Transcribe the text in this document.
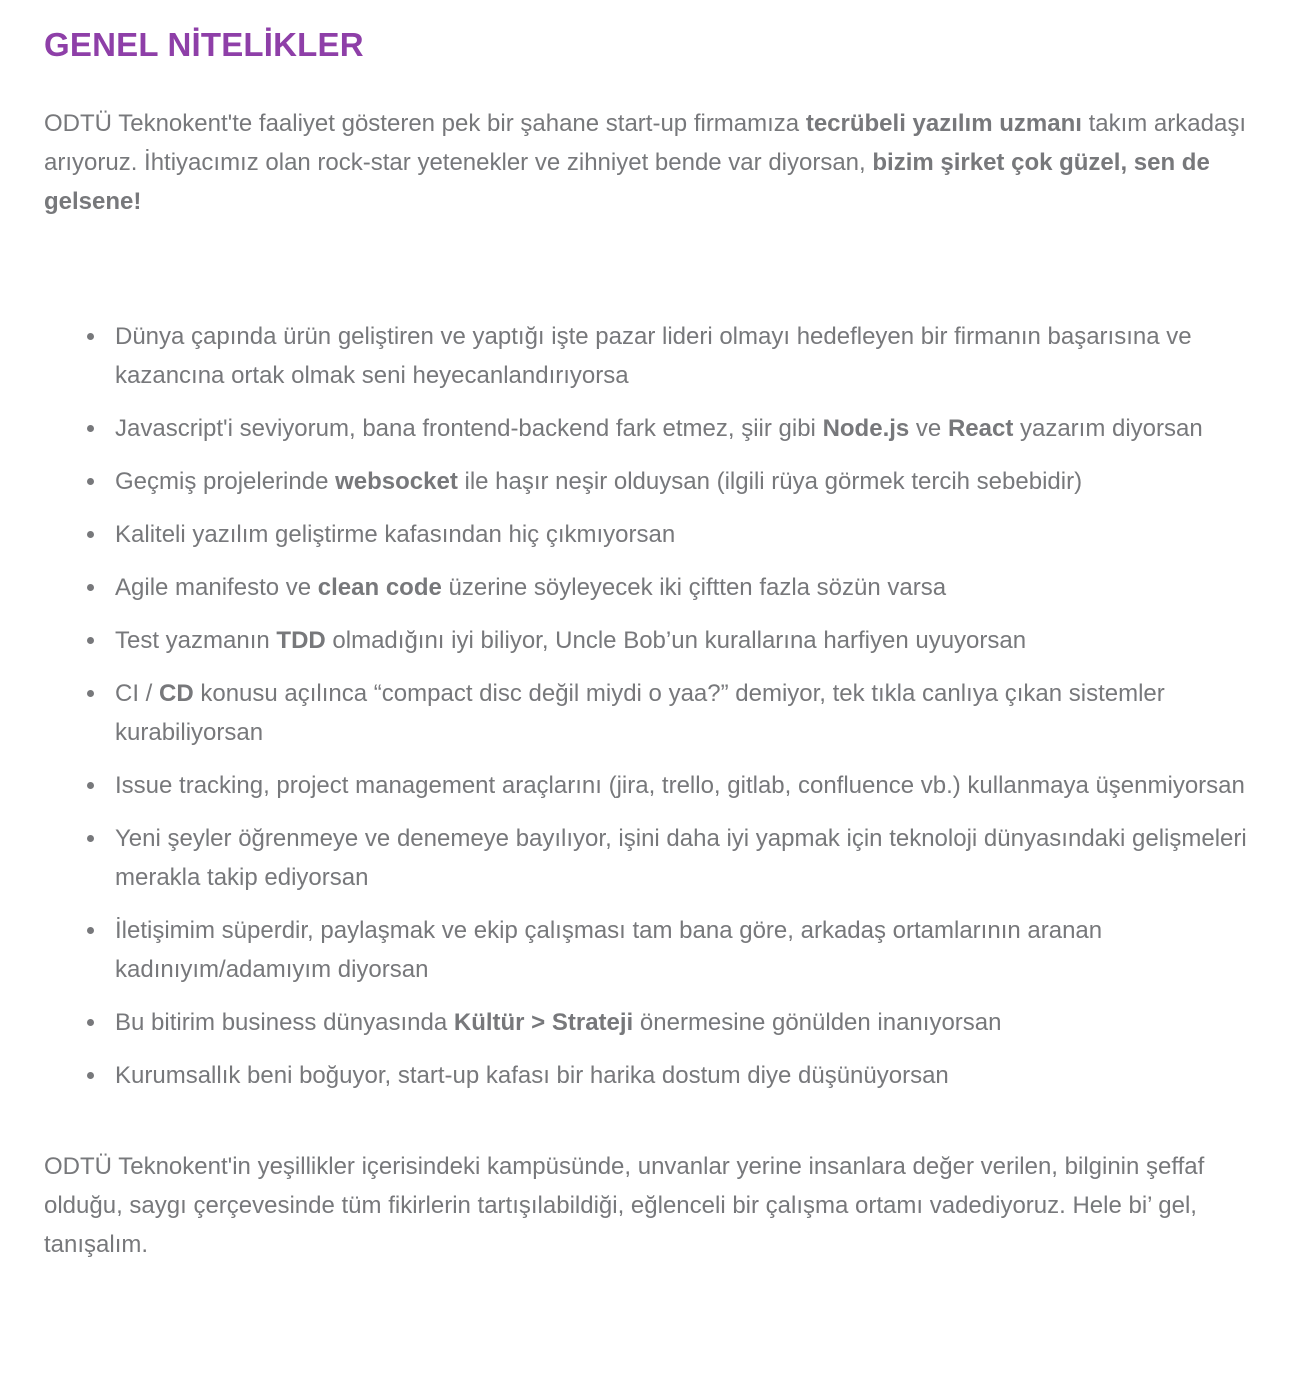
GENEL NİTELİKLER

ODTÜ Teknokent'te faaliyet gösteren pek bir şahane start-up firmamıza tecrübeli yazılım uzmanı takım arkadaşı arıyoruz. İhtiyacımız olan rock-star yetenekler ve zihniyet bende var diyorsan, bizim şirket çok güzel, sen de gelsene!

Dünya çapında ürün geliştiren ve yaptığı işte pazar lideri olmayı hedefleyen bir firmanın başarısına ve kazancına ortak olmak seni heyecanlandırıyorsa
Javascript'i seviyorum, bana frontend-backend fark etmez, şiir gibi Node.js ve React yazarım diyorsan
Geçmiş projelerinde websocket ile haşır neşir olduysan (ilgili rüya görmek tercih sebebidir)
Kaliteli yazılım geliştirme kafasından hiç çıkmıyorsan
Agile manifesto ve clean code üzerine söyleyecek iki çiftten fazla sözün varsa
Test yazmanın TDD olmadığını iyi biliyor, Uncle Bob’un kurallarına harfiyen uyuyorsan
CI / CD konusu açılınca “compact disc değil miydi o yaa?” demiyor, tek tıkla canlıya çıkan sistemler kurabiliyorsan
Issue tracking, project management araçlarını (jira, trello, gitlab, confluence vb.) kullanmaya üşenmiyorsan
Yeni şeyler öğrenmeye ve denemeye bayılıyor, işini daha iyi yapmak için teknoloji dünyasındaki gelişmeleri merakla takip ediyorsan
İletişimim süperdir, paylaşmak ve ekip çalışması tam bana göre, arkadaş ortamlarının aranan kadınıyım/adamıyım diyorsan
Bu bitirim business dünyasında Kültür > Strateji önermesine gönülden inanıyorsan
Kurumsallık beni boğuyor, start-up kafası bir harika dostum diye düşünüyorsan

ODTÜ Teknokent'in yeşillikler içerisindeki kampüsünde, unvanlar yerine insanlara değer verilen, bilginin şeffaf olduğu, saygı çerçevesinde tüm fikirlerin tartışılabildiği, eğlenceli bir çalışma ortamı vadediyoruz. Hele bi’ gel, tanışalım.
